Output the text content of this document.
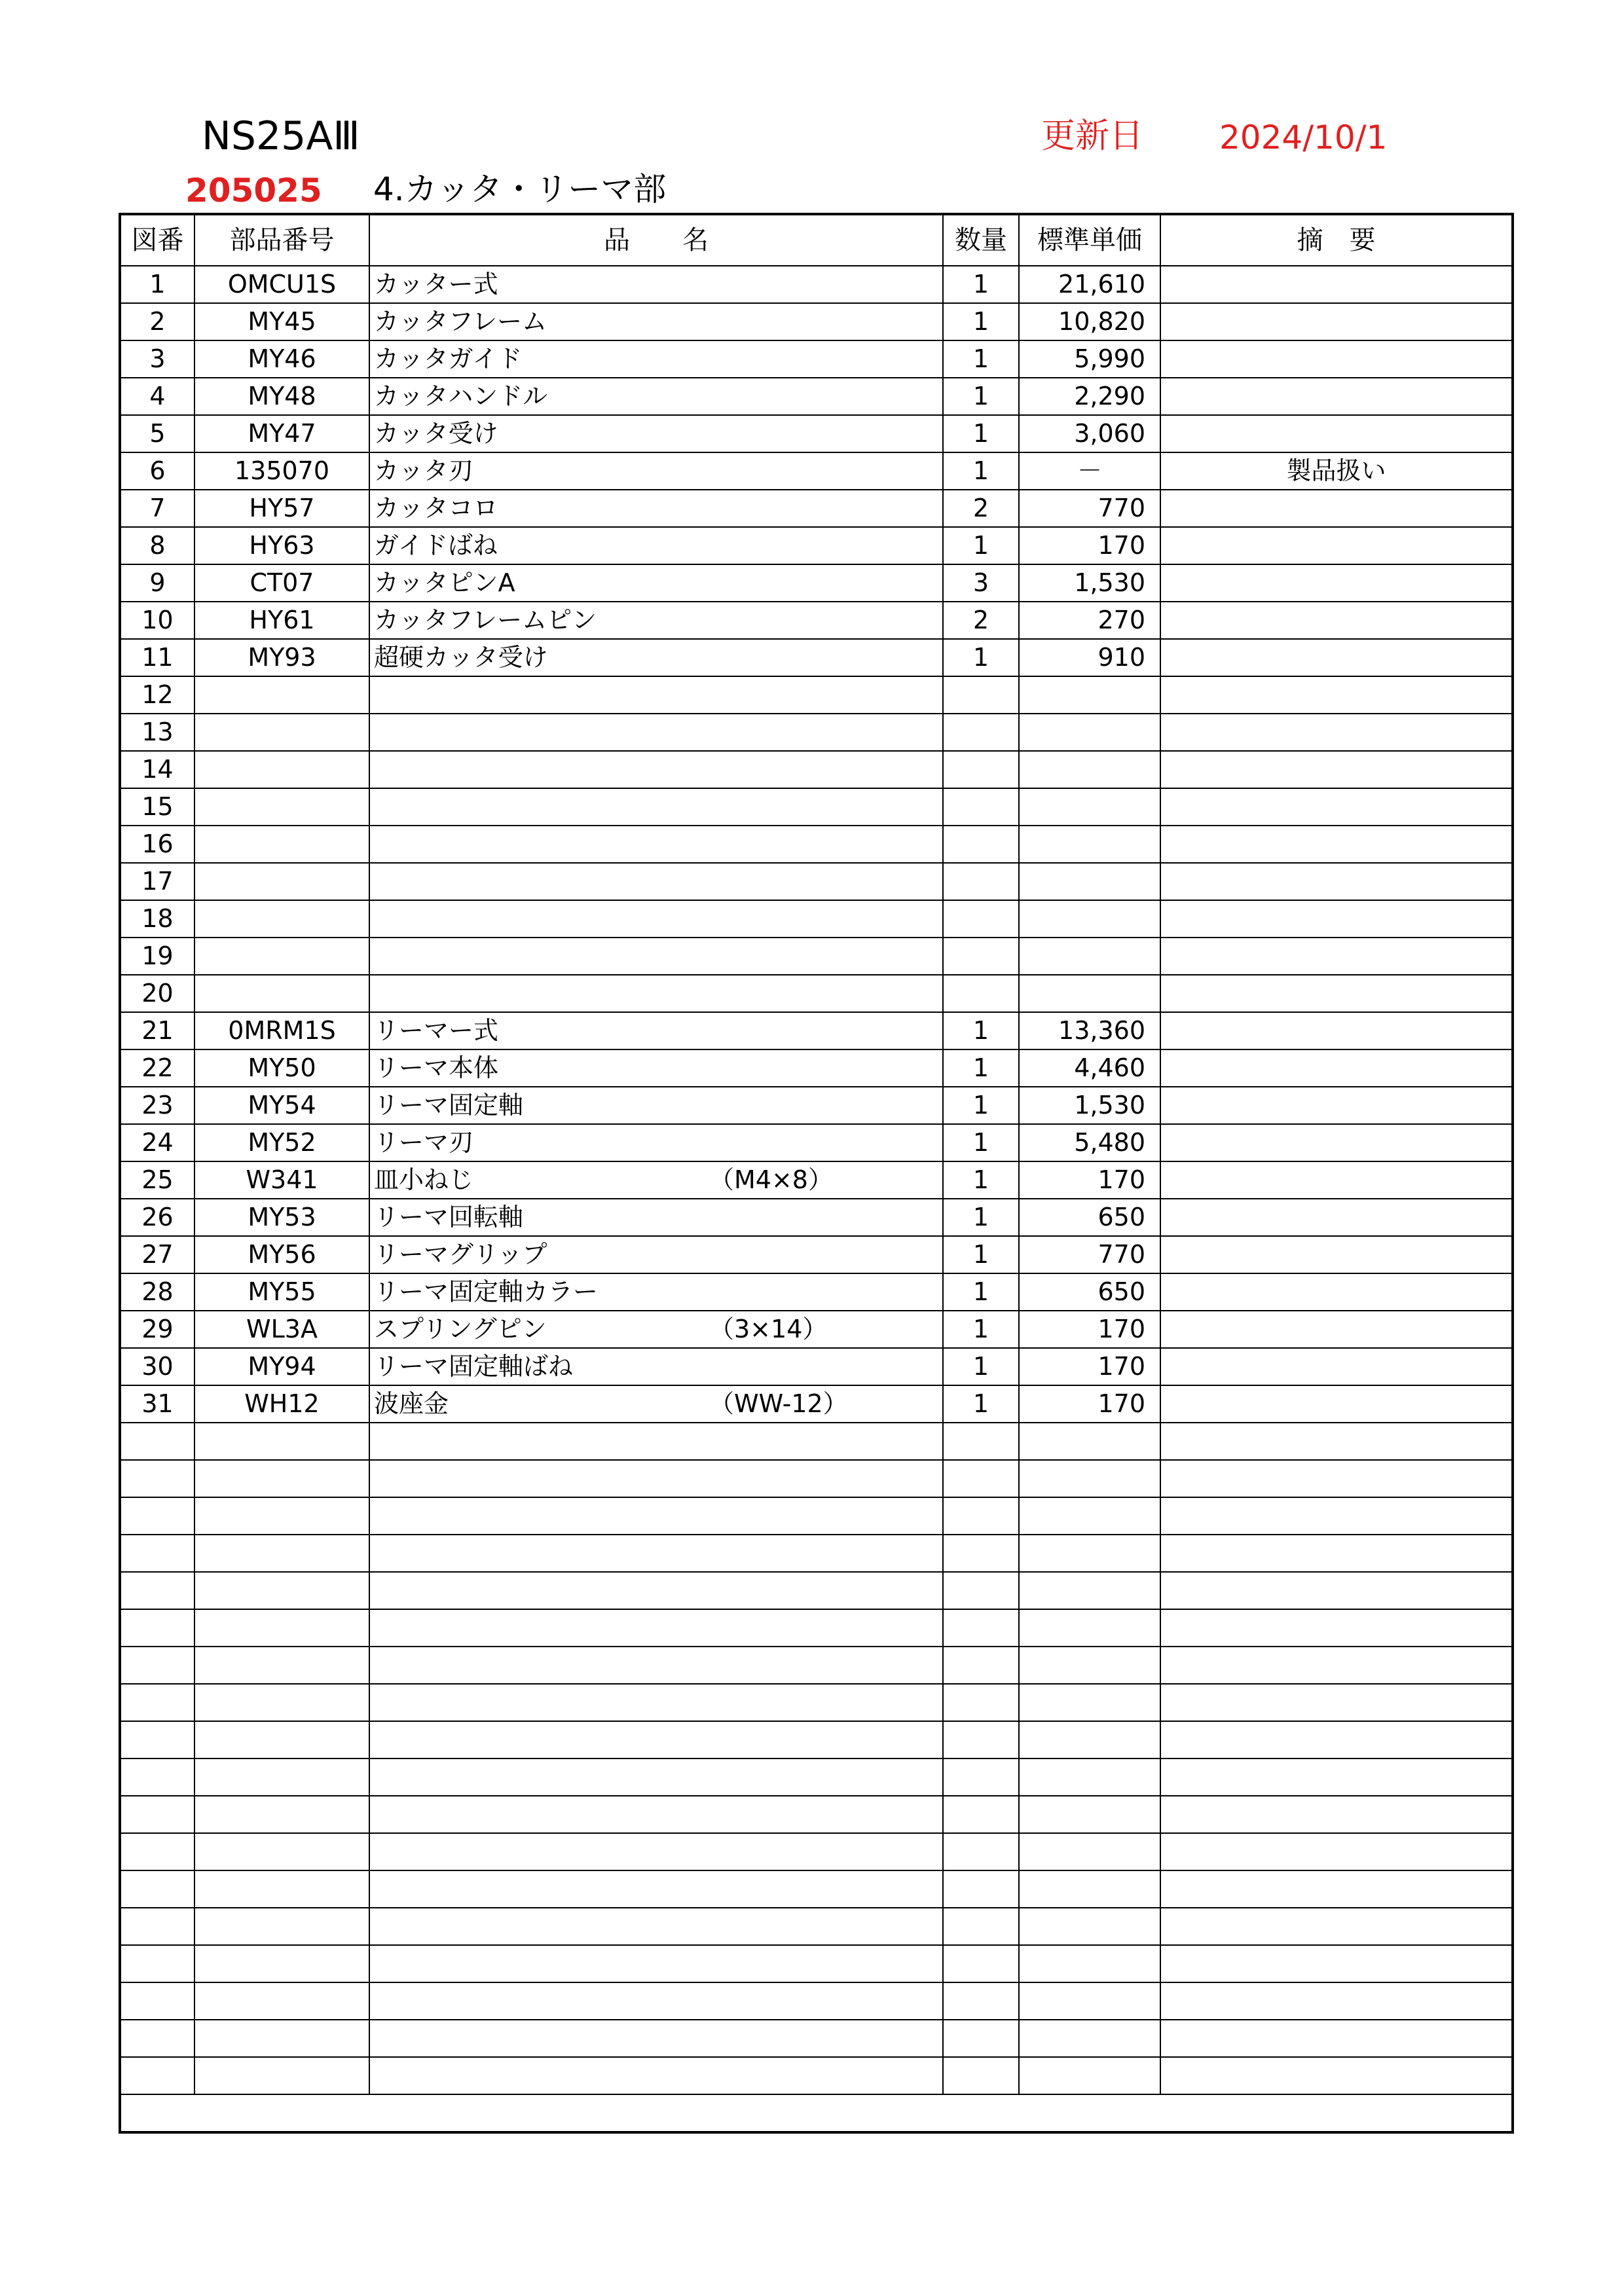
NS25AⅢ	更新日 2024/10/1
205025 4.カッタ・リーマ部
図番	部品番号	品　　名	数量	標準単価	摘　要
1	OMCU1S	カッター式	1	21,610	
2	MY45	カッタフレーム	1	10,820	
3	MY46	カッタガイド	1	5,990	
4	MY48	カッタハンドル	1	2,290	
5	MY47	カッタ受け	1	3,060	
6	135070	カッタ刃	1	－	製品扱い
7	HY57	カッタコロ	2	770	
8	HY63	ガイドばね	1	170	
9	CT07	カッタピンA	3	1,530	
10	HY61	カッタフレームピン	2	270	
11	MY93	超硬カッタ受け	1	910	
12		

13		

14		

15		

16		

17		

18		

19		

20		

21	0MRM1S	リーマー式	1	13,360	
22	MY50	リーマ本体	1	4,460	
23	MY54	リーマ固定軸	1	1,530	
24	MY52	リーマ刃	1	5,480	
25	W341	皿小ねじ （M4×8）	1	170	
26	MY53	リーマ回転軸	1	650	
27	MY56	リーマグリップ	1	770	
28	MY55	リーマ固定軸カラー	1	650	
29	WL3A	スプリングピン （3×14）	1	170	
30	MY94	リーマ固定軸ばね	1	170	
31	WH12	波座金 （WW-12）	1	170	
